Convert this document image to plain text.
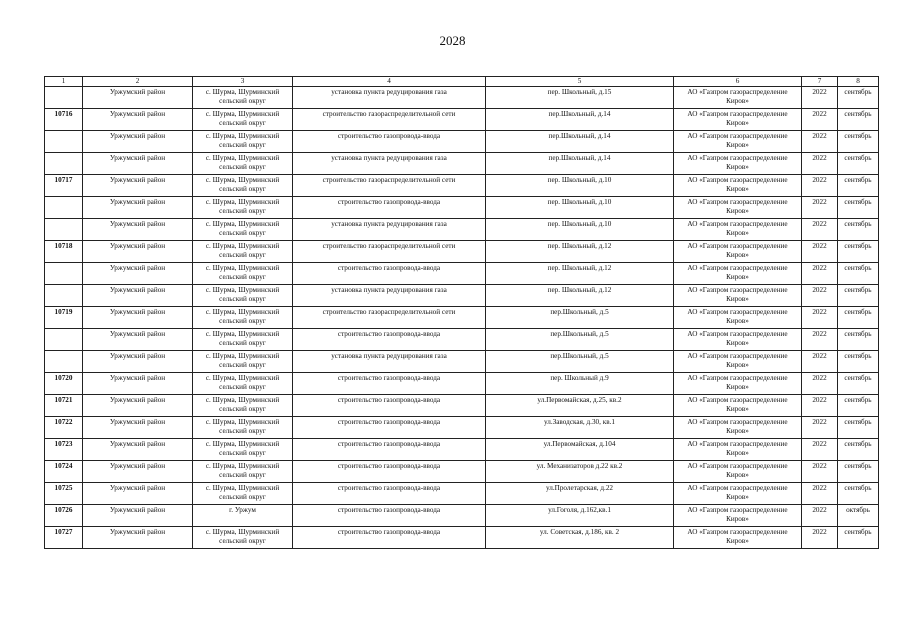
2028
1	2	3	4	5	6	7	8
	Уржумский район	с. Шурма, Шурминский сельский округ	установка пункта редуцирования газа	пер. Школьный, д.15	АО «Газпром газораспределение Киров»	2022	сентябрь
10716	Уржумский район	с. Шурма, Шурминский сельский округ	строительство газораспределительной сети	пер.Школьный, д.14	АО «Газпром газораспределение Киров»	2022	сентябрь
	Уржумский район	с. Шурма, Шурминский сельский округ	строительство газопровода-ввода	пер.Школьный, д.14	АО «Газпром газораспределение Киров»	2022	сентябрь
	Уржумский район	с. Шурма, Шурминский сельский округ	установка пункта редуцирования газа	пер.Школьный, д.14	АО «Газпром газораспределение Киров»	2022	сентябрь
10717	Уржумский район	с. Шурма, Шурминский сельский округ	строительство газораспределительной сети	пер. Школьный, д.10	АО «Газпром газораспределение Киров»	2022	сентябрь
	Уржумский район	с. Шурма, Шурминский сельский округ	строительство газопровода-ввода	пер. Школьный, д.10	АО «Газпром газораспределение Киров»	2022	сентябрь
	Уржумский район	с. Шурма, Шурминский сельский округ	установка пункта редуцирования газа	пер. Школьный, д.10	АО «Газпром газораспределение Киров»	2022	сентябрь
10718	Уржумский район	с. Шурма, Шурминский сельский округ	строительство газораспределительной сети	пер. Школьный, д.12	АО «Газпром газораспределение Киров»	2022	сентябрь
	Уржумский район	с. Шурма, Шурминский сельский округ	строительство газопровода-ввода	пер. Школьный, д.12	АО «Газпром газораспределение Киров»	2022	сентябрь
	Уржумский район	с. Шурма, Шурминский сельский округ	установка пункта редуцирования газа	пер. Школьный, д.12	АО «Газпром газораспределение Киров»	2022	сентябрь
10719	Уржумский район	с. Шурма, Шурминский сельский округ	строительство газораспределительной сети	пер.Школьный, д.5	АО «Газпром газораспределение Киров»	2022	сентябрь
	Уржумский район	с. Шурма, Шурминский сельский округ	строительство газопровода-ввода	пер.Школьный, д.5	АО «Газпром газораспределение Киров»	2022	сентябрь
	Уржумский район	с. Шурма, Шурминский сельский округ	установка пункта редуцирования газа	пер.Школьный, д.5	АО «Газпром газораспределение Киров»	2022	сентябрь
10720	Уржумский район	с. Шурма, Шурминский сельский округ	строительство газопровода-ввода	пер. Школьный д.9	АО «Газпром газораспределение Киров»	2022	сентябрь
10721	Уржумский район	с. Шурма, Шурминский сельский округ	строительство газопровода-ввода	ул.Первомайская, д.25, кв.2	АО «Газпром газораспределение Киров»	2022	сентябрь
10722	Уржумский район	с. Шурма, Шурминский сельский округ	строительство газопровода-ввода	ул.Заводская, д.30, кв.1	АО «Газпром газораспределение Киров»	2022	сентябрь
10723	Уржумский район	с. Шурма, Шурминский сельский округ	строительство газопровода-ввода	ул.Первомайская, д.104	АО «Газпром газораспределение Киров»	2022	сентябрь
10724	Уржумский район	с. Шурма, Шурминский сельский округ	строительство газопровода-ввода	ул. Механизаторов д.22 кв.2	АО «Газпром газораспределение Киров»	2022	сентябрь
10725	Уржумский район	с. Шурма, Шурминский сельский округ	строительство газопровода-ввода	ул.Пролетарская, д.22	АО «Газпром газораспределение Киров»	2022	сентябрь
10726	Уржумский район	г. Уржум	строительство газопровода-ввода	ул.Гоголя, д.162,кв.1	АО «Газпром газораспределение Киров»	2022	октябрь
10727	Уржумский район	с. Шурма, Шурминский сельский округ	строительство газопровода-ввода	ул. Советская, д.186, кв. 2	АО «Газпром газораспределение Киров»	2022	сентябрь
